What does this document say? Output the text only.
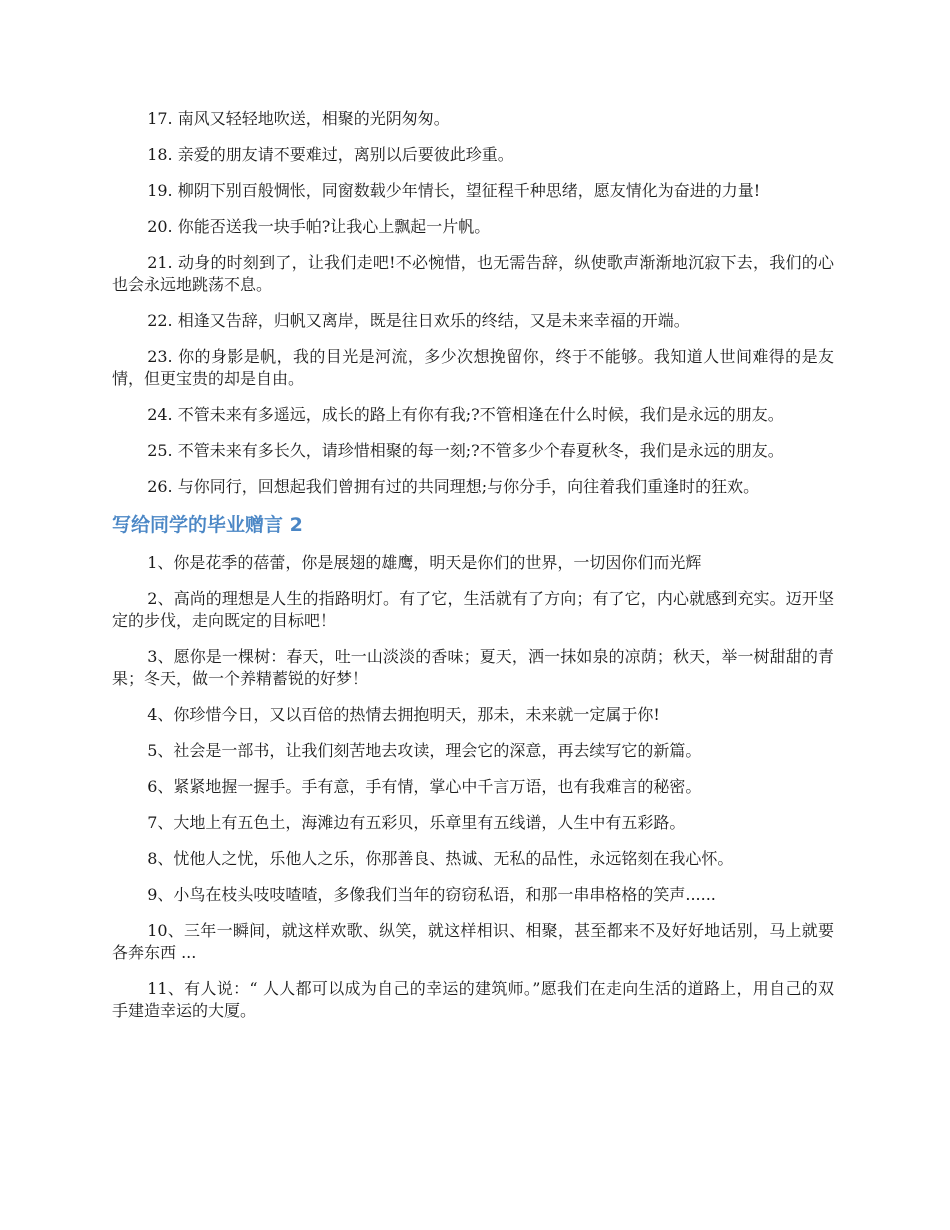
17. 南风又轻轻地吹送，相聚的光阴匆匆。

18. 亲爱的朋友请不要难过，离别以后要彼此珍重。

19. 柳阴下别百般惆怅，同窗数载少年情长，望征程千种思绪，愿友情化为奋进的力量!

20. 你能否送我一块手帕?让我心上飘起一片帆。

21. 动身的时刻到了，让我们走吧!不必惋惜，也无需告辞，纵使歌声渐渐地沉寂下去，我们的心也会永远地跳荡不息。

22. 相逢又告辞，归帆又离岸，既是往日欢乐的终结，又是未来幸福的开端。

23. 你的身影是帆，我的目光是河流，多少次想挽留你，终于不能够。我知道人世间难得的是友情，但更宝贵的却是自由。

24. 不管未来有多遥远，成长的路上有你有我;?不管相逢在什么时候，我们是永远的朋友。

25. 不管未来有多长久，请珍惜相聚的每一刻;?不管多少个春夏秋冬，我们是永远的朋友。

26. 与你同行，回想起我们曾拥有过的共同理想;与你分手，向往着我们重逢时的狂欢。

写给同学的毕业赠言 2

1、你是花季的蓓蕾，你是展翅的雄鹰，明天是你们的世界，一切因你们而光辉

2、高尚的理想是人生的指路明灯。有了它，生活就有了方向；有了它，内心就感到充实。迈开坚定的步伐，走向既定的目标吧！

3、愿你是一棵树：春天，吐一山淡淡的香味；夏天，洒一抹如泉的凉荫；秋天，举一树甜甜的青果；冬天，做一个养精蓄锐的好梦！

4、你珍惜今日，又以百倍的热情去拥抱明天，那未，未来就一定属于你!

5、社会是一部书，让我们刻苦地去攻读，理会它的深意，再去续写它的新篇。

6、紧紧地握一握手。手有意，手有情，掌心中千言万语，也有我难言的秘密。

7、大地上有五色土，海滩边有五彩贝，乐章里有五线谱，人生中有五彩路。

8、忧他人之忧，乐他人之乐，你那善良、热诚、无私的品性，永远铭刻在我心怀。

9、小鸟在枝头吱吱喳喳，多像我们当年的窃窃私语，和那一串串格格的笑声......

10、三年一瞬间，就这样欢歌、纵笑，就这样相识、相聚，甚至都来不及好好地话别，马上就要各奔东西 ...

11、有人说：“ 人人都可以成为自己的幸运的建筑师。”愿我们在走向生活的道路上，用自己的双手建造幸运的大厦。
